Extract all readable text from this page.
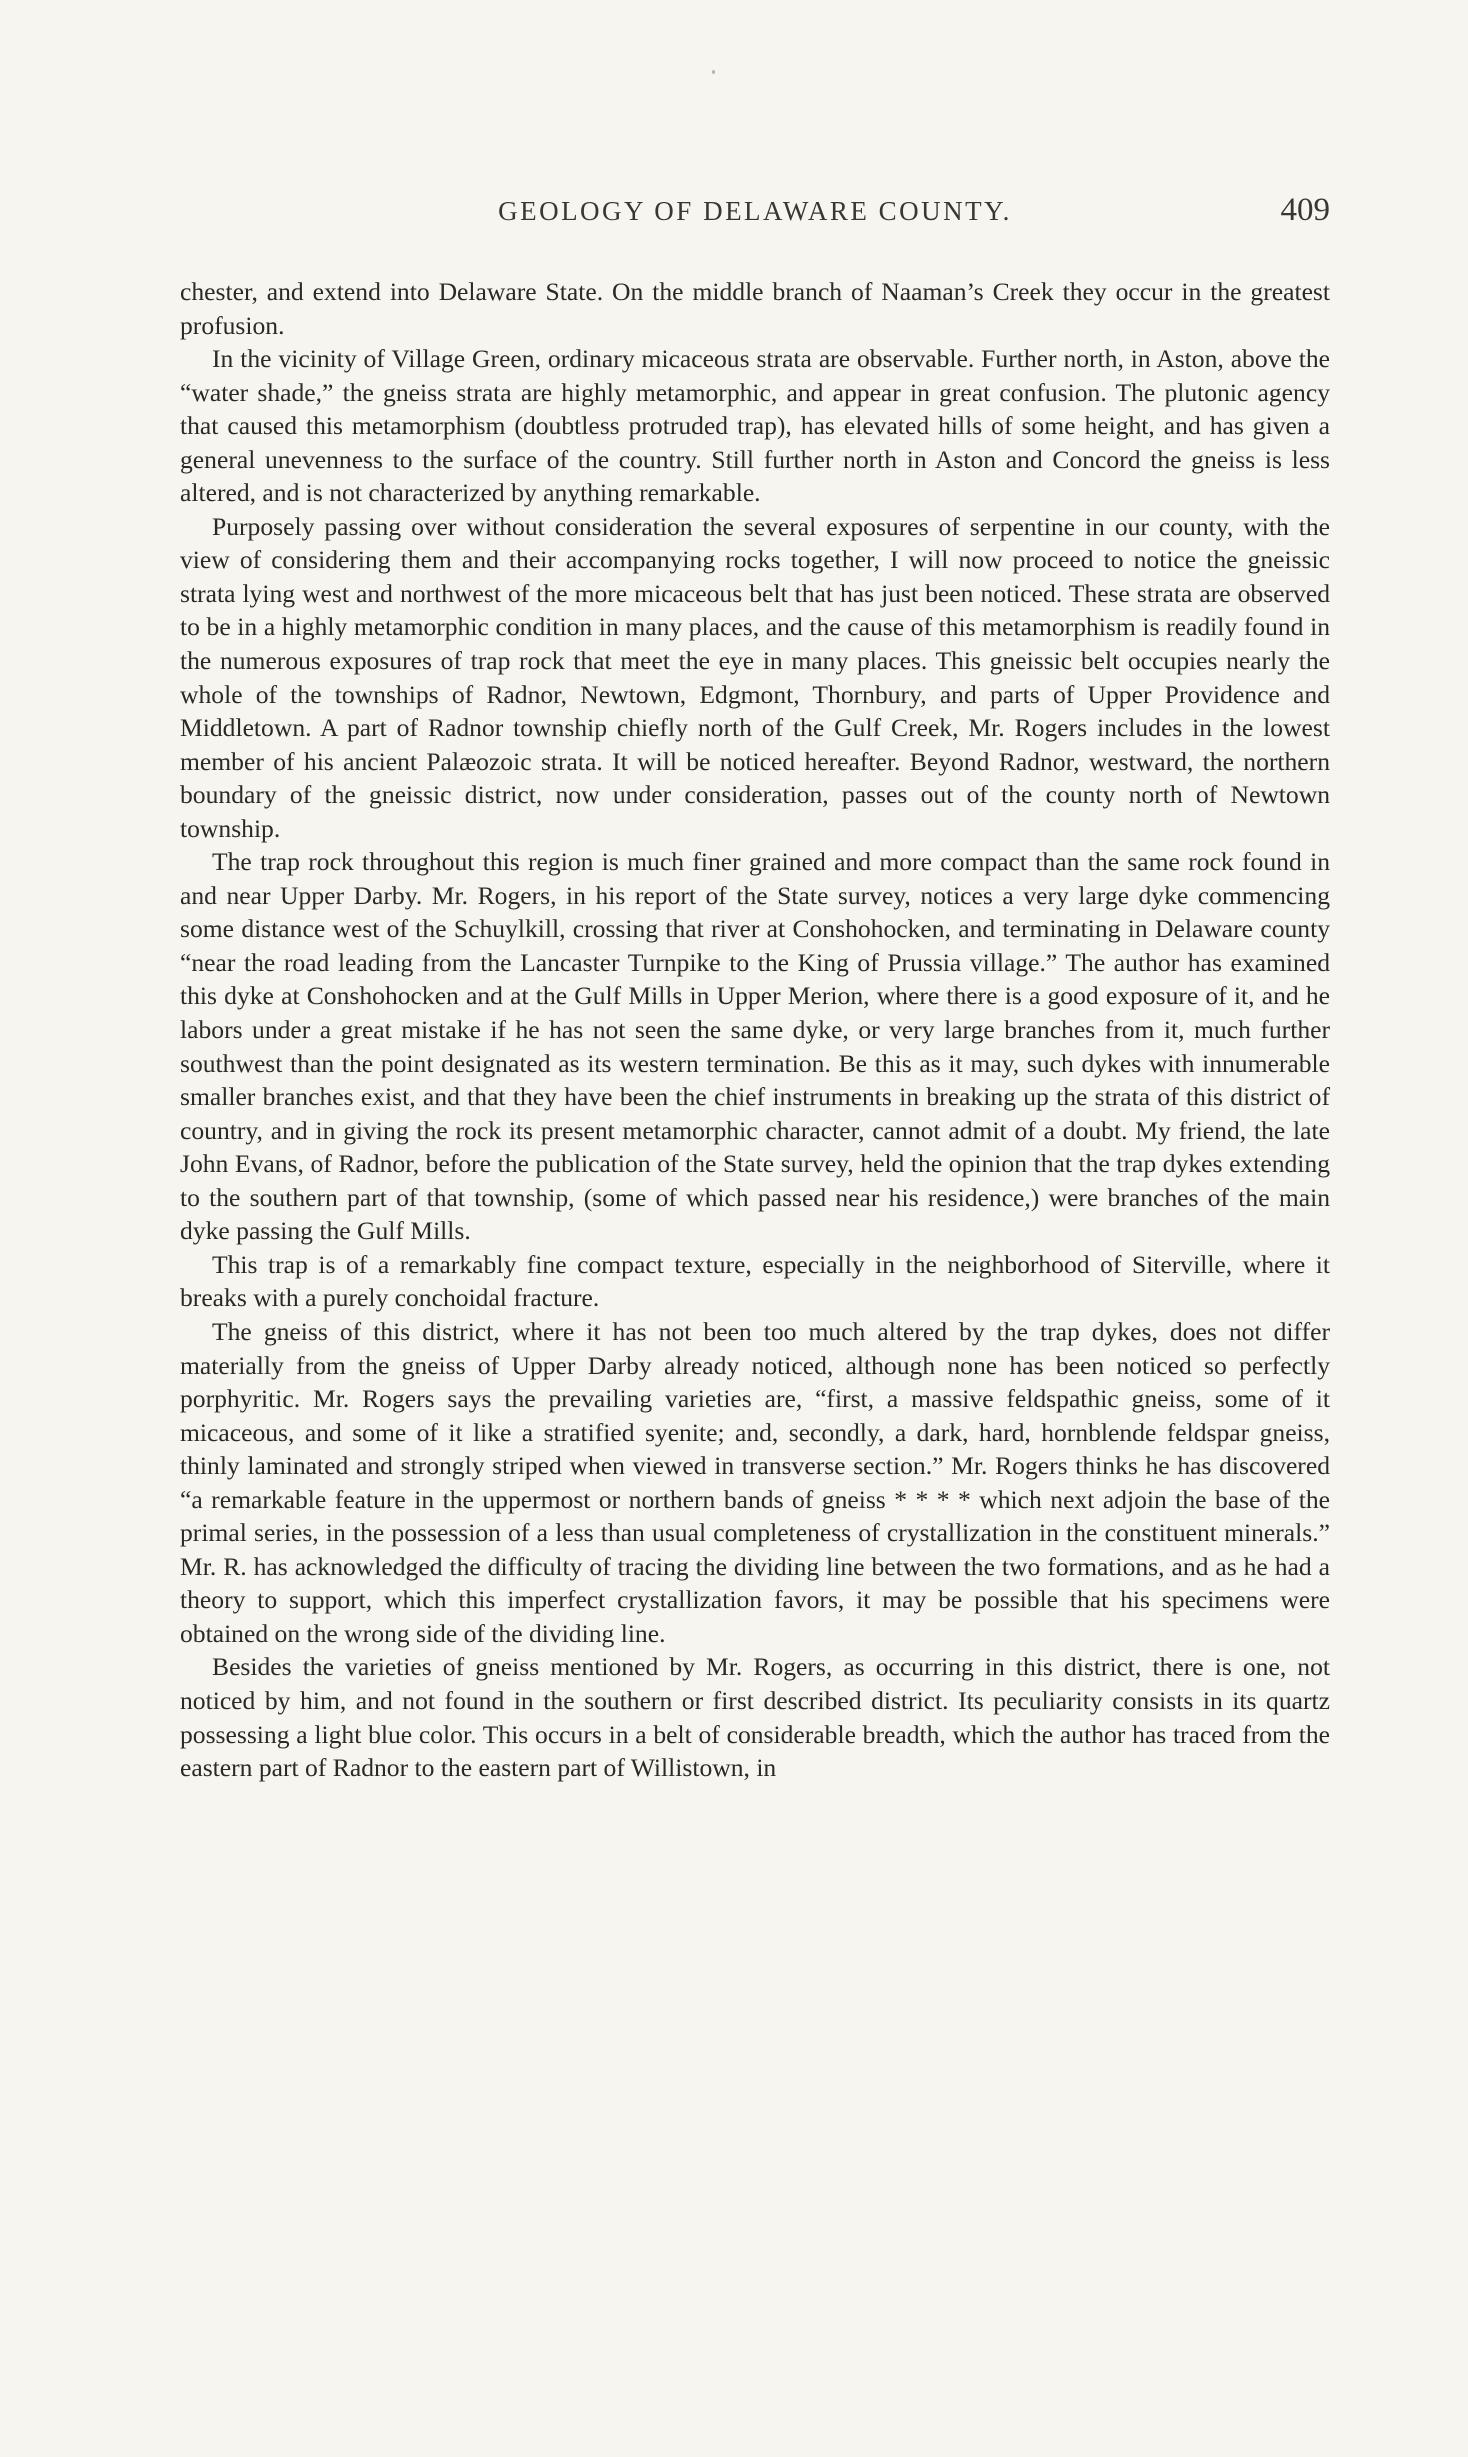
GEOLOGY OF DELAWARE COUNTY.	409

chester, and extend into Delaware State. On the middle branch of Naaman’s Creek they occur in the greatest profusion.

In the vicinity of Village Green, ordinary micaceous strata are observable. Further north, in Aston, above the “water shade,” the gneiss strata are highly metamorphic, and appear in great confusion. The plutonic agency that caused this metamorphism (doubtless protruded trap), has elevated hills of some height, and has given a general unevenness to the surface of the country. Still further north in Aston and Concord the gneiss is less altered, and is not characterized by anything remarkable.

Purposely passing over without consideration the several exposures of serpentine in our county, with the view of considering them and their accompanying rocks together, I will now proceed to notice the gneissic strata lying west and northwest of the more micaceous belt that has just been noticed. These strata are observed to be in a highly metamorphic condition in many places, and the cause of this metamorphism is readily found in the numerous exposures of trap rock that meet the eye in many places. This gneissic belt occupies nearly the whole of the townships of Radnor, Newtown, Edgmont, Thornbury, and parts of Upper Providence and Middletown. A part of Radnor township chiefly north of the Gulf Creek, Mr. Rogers includes in the lowest member of his ancient Palæozoic strata. It will be noticed hereafter. Beyond Radnor, westward, the northern boundary of the gneissic district, now under consideration, passes out of the county north of Newtown township.

The trap rock throughout this region is much finer grained and more compact than the same rock found in and near Upper Darby. Mr. Rogers, in his report of the State survey, notices a very large dyke commencing some distance west of the Schuylkill, crossing that river at Conshohocken, and terminating in Delaware county “near the road leading from the Lancaster Turnpike to the King of Prussia village.” The author has examined this dyke at Conshohocken and at the Gulf Mills in Upper Merion, where there is a good exposure of it, and he labors under a great mistake if he has not seen the same dyke, or very large branches from it, much further southwest than the point designated as its western termination. Be this as it may, such dykes with innumerable smaller branches exist, and that they have been the chief instruments in breaking up the strata of this district of country, and in giving the rock its present metamorphic character, cannot admit of a doubt. My friend, the late John Evans, of Radnor, before the publication of the State survey, held the opinion that the trap dykes extending to the southern part of that township, (some of which passed near his residence,) were branches of the main dyke passing the Gulf Mills.

This trap is of a remarkably fine compact texture, especially in the neighborhood of Siterville, where it breaks with a purely conchoidal fracture.

The gneiss of this district, where it has not been too much altered by the trap dykes, does not differ materially from the gneiss of Upper Darby already noticed, although none has been noticed so perfectly porphyritic. Mr. Rogers says the prevailing varieties are, “first, a massive feldspathic gneiss, some of it micaceous, and some of it like a stratified syenite; and, secondly, a dark, hard, hornblende feldspar gneiss, thinly laminated and strongly striped when viewed in transverse section.” Mr. Rogers thinks he has discovered “a remarkable feature in the uppermost or northern bands of gneiss * * * * which next adjoin the base of the primal series, in the possession of a less than usual completeness of crystallization in the constituent minerals.” Mr. R. has acknowledged the difficulty of tracing the dividing line between the two formations, and as he had a theory to support, which this imperfect crystallization favors, it may be possible that his specimens were obtained on the wrong side of the dividing line.

Besides the varieties of gneiss mentioned by Mr. Rogers, as occurring in this district, there is one, not noticed by him, and not found in the southern or first described district. Its peculiarity consists in its quartz possessing a light blue color. This occurs in a belt of considerable breadth, which the author has traced from the eastern part of Radnor to the eastern part of Willistown, in
